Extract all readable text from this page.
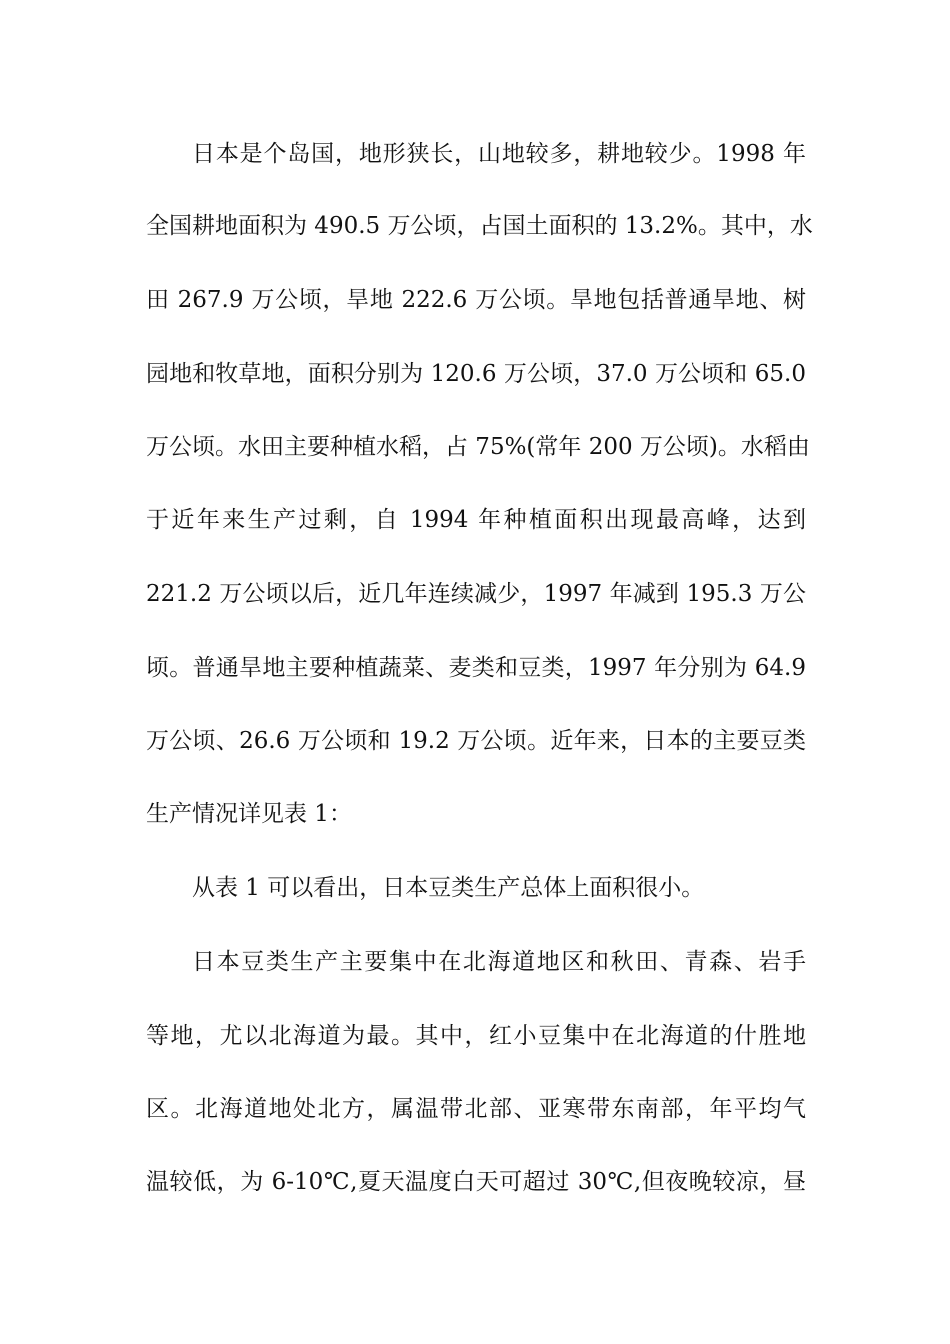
日本是个岛国，地形狭长，山地较多，耕地较少。1998 年
全国耕地面积为 490.5 万公顷，占国土面积的 13.2%。其中，水
田 267.9 万公顷，旱地 222.6 万公顷。旱地包括普通旱地、树
园地和牧草地，面积分别为 120.6 万公顷，37.0 万公顷和 65.0
万公顷。水田主要种植水稻，占 75%(常年 200 万公顷)。水稻由
于近年来生产过剩，自 1994 年种植面积出现最高峰，达到
221.2 万公顷以后，近几年连续减少，1997 年减到 195.3 万公
顷。普通旱地主要种植蔬菜、麦类和豆类，1997 年分别为 64.9
万公顷、26.6 万公顷和 19.2 万公顷。近年来，日本的主要豆类
生产情况详见表 1：
从表 1 可以看出，日本豆类生产总体上面积很小。
日本豆类生产主要集中在北海道地区和秋田、青森、岩手
等地，尤以北海道为最。其中，红小豆集中在北海道的什胜地
区。北海道地处北方，属温带北部、亚寒带东南部，年平均气
温较低，为 6-10℃,夏天温度白天可超过 30℃,但夜晚较凉，昼
